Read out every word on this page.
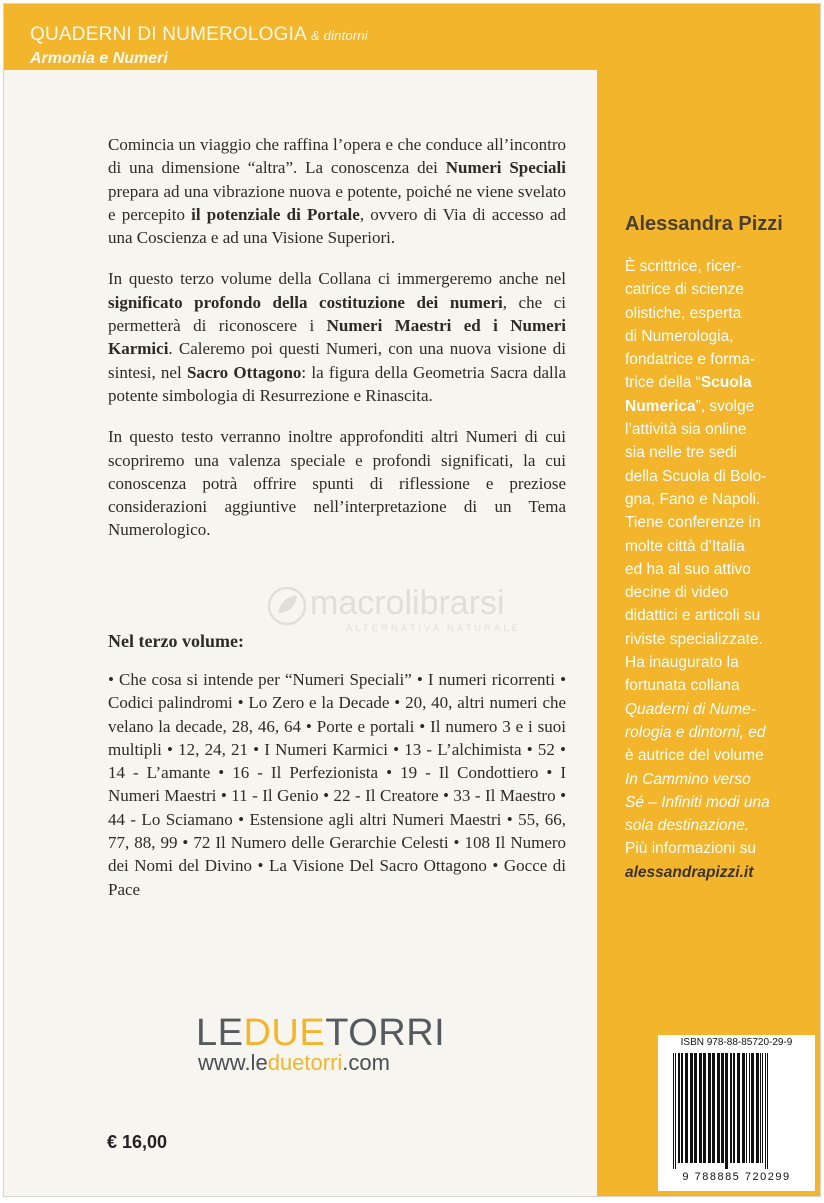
QUADERNI DI NUMEROLOGIA & dintorni
Armonia e Numeri
Alessandra Pizzi
È scrittrice, ricer-
catrice di scienze
olistiche, esperta
di Numerologia,
fondatrice e forma-
trice della “Scuola
Numerica”, svolge
l’attività sia online
sia nelle tre sedi
della Scuola di Bolo-
gna, Fano e Napoli.
Tiene conferenze in
molte città d’Italia
ed ha al suo attivo
decine di video
didattici e articoli su
riviste specializzate.
Ha inaugurato la
fortunata collana
Quaderni di Nume-
rologia e dintorni, ed
è autrice del volume
In Cammino verso
Sé – Infiniti modi una
sola destinazione.
Più informazioni su
alessandrapizzi.it

Comincia un viaggio che raffina l’opera e che conduce all’incontro di una dimensione “altra”. La conoscenza dei Numeri Speciali prepara ad una vibrazione nuova e potente, poiché ne viene svelato e percepito il potenziale di Portale, ovvero di Via di accesso ad una Coscienza e ad una Visione Superiori.

In questo terzo volume della Collana ci immergeremo anche nel significato profondo della costituzione dei numeri, che ci permetterà di riconoscere i Numeri Maestri ed i Numeri Karmici. Caleremo poi questi Numeri, con una nuova visione di sintesi, nel Sacro Ottagono: la figura della Geometria Sacra dalla potente simbologia di Resurrezione e Rinascita.

In questo testo verranno inoltre approfonditi altri Numeri di cui scopriremo una valenza speciale e profondi significati, la cui conoscenza potrà offrire spunti di riflessione e preziose considerazioni aggiuntive nell’interpretazione di un Tema Numerologico.

macrolibrarsi
ALTERNATIVA NATURALE
Nel terzo volume:
• Che cosa si intende per “Numeri Speciali” • I numeri ricorrenti • Codici palindromi • Lo Zero e la Decade • 20, 40, altri numeri che velano la decade, 28, 46, 64 • Porte e portali • Il numero 3 e i suoi multipli • 12, 24, 21 • I Numeri Karmici • 13 - L’alchimista • 52 • 14 - L’amante • 16 - Il Perfezionista • 19 - Il Condottiero • I Numeri Maestri • 11 - Il Genio • 22 - Il Creatore • 33 - Il Maestro • 44 - Lo Sciamano • Estensione agli altri Numeri Maestri • 55, 66, 77, 88, 99 • 72 Il Numero delle Gerarchie Celesti • 108 Il Numero dei Nomi del Divino • La Visione Del Sacro Ottagono • Gocce di Pace
LEDUETORRI
www.leduetorri.com
€ 16,00
ISBN 978-88-85720-29-9
9 788885 720299
